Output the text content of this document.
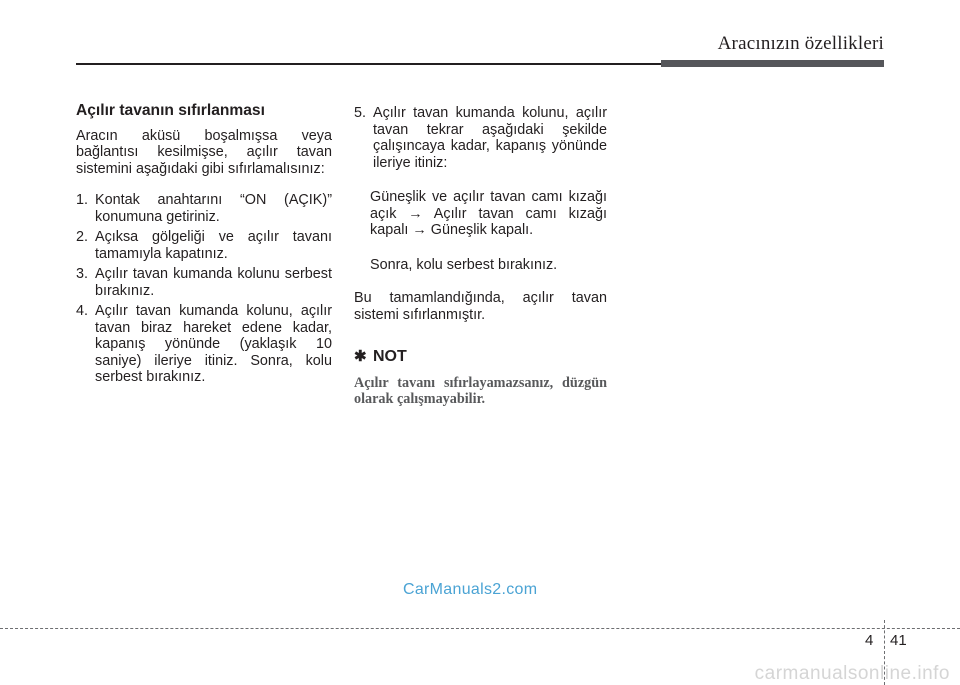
Aracınızın özellikleri
Açılır tavanın sıfırlanması

Aracın aküsü boşalmışsa veya bağlantısı kesilmişse, açılır tavan sistemini aşağıdaki gibi sıfırlamalısınız:

1. Kontak anahtarını “ON (AÇIK)” konumuna getiriniz.
2. Açıksa gölgeliği ve açılır tavanı tamamıyla kapatınız.
3. Açılır tavan kumanda kolunu serbest bırakınız.
4. Açılır tavan kumanda kolunu, açılır tavan biraz hareket edene kadar, kapanış yönünde (yaklaşık 10 saniye) ileriye itiniz. Sonra, kolu serbest bırakınız.
5. Açılır tavan kumanda kolunu, açılır tavan tekrar aşağıdaki şekilde çalışıncaya kadar, kapanış yönünde ileriye itiniz:

Güneşlik ve açılır tavan camı kızağı açık → Açılır tavan camı kızağı kapalı → Güneşlik kapalı.

Sonra, kolu serbest bırakınız.

Bu tamamlandığında, açılır tavan sistemi sıfırlanmıştır.

✱ NOT

Açılır tavanı sıfırlayamazsanız, düzgün olarak çalışmayabilir.

CarManuals2.com
4 41
carmanualsonline.info
